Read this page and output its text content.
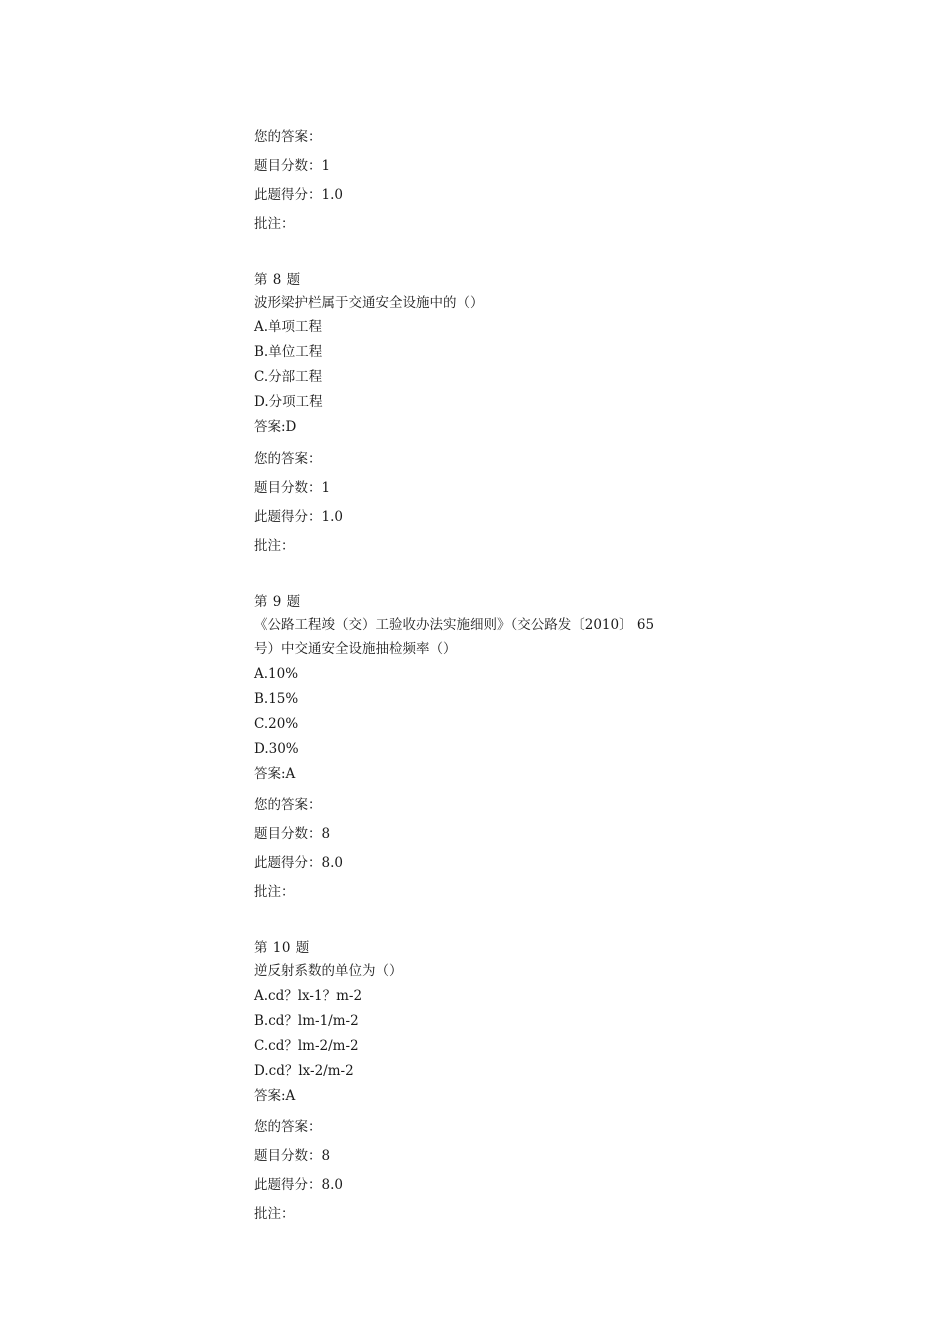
您的答案：
题目分数：1
此题得分：1.0
批注：
第 8 题
波形梁护栏属于交通安全设施中的（）
A.单项工程
B.单位工程
C.分部工程
D.分项工程
答案:D
您的答案：
题目分数：1
此题得分：1.0
批注：
第 9 题
《公路工程竣（交）工验收办法实施细则》（交公路发〔2010〕 65
号）中交通安全设施抽检频率（）
A.10%
B.15%
C.20%
D.30%
答案:A
您的答案：
题目分数：8
此题得分：8.0
批注：
第 10 题
逆反射系数的单位为（）
A.cd？lx-1？m-2
B.cd？lm-1/m-2
C.cd？lm-2/m-2
D.cd？lx-2/m-2
答案:A
您的答案：
题目分数：8
此题得分：8.0
批注：
